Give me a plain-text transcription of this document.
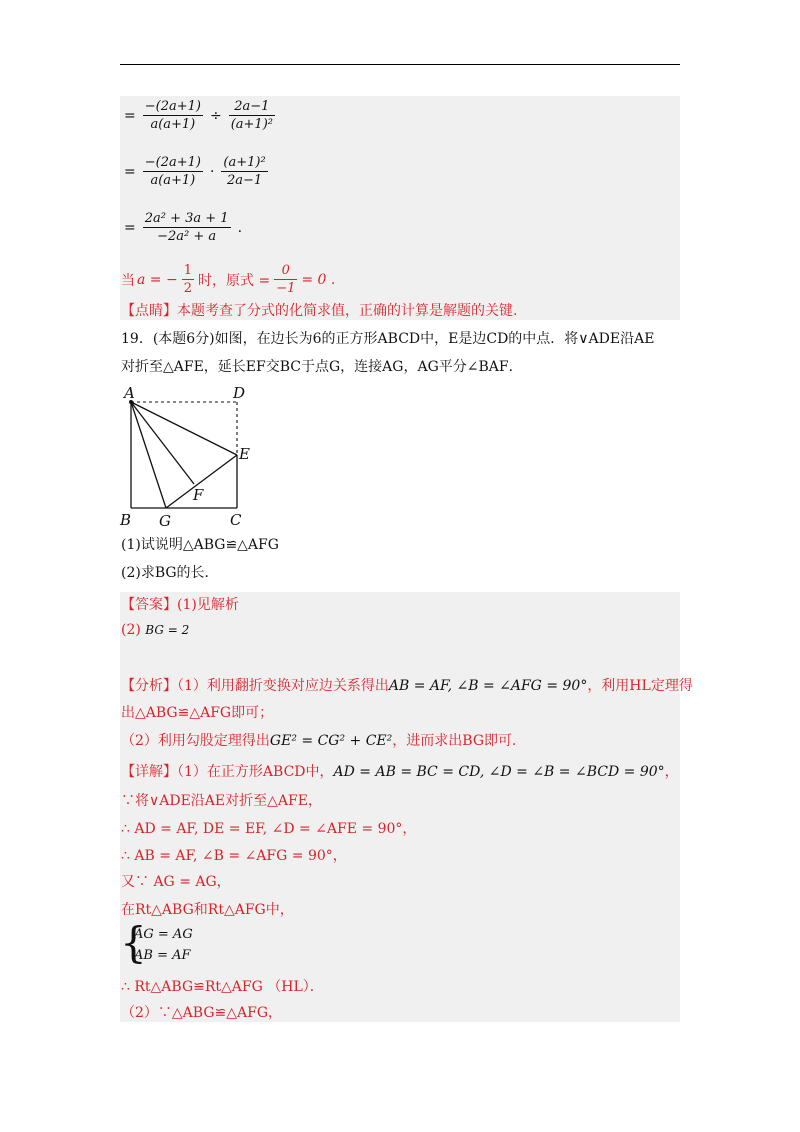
= $\frac{-(2a+1)}{a(a+1)} \div \frac{2a-1}{\text{(a+1)²}}$
= $\frac{-(2a+1)}{a(a+1)} \cdot \frac{\text{(a+1)²}}{2a-1}$
= $\frac{\text{2a² + 3a + 1}}{\text{−2a² + a}}$ .
当 a = − $\frac{1}{2}$ 时，原式 = $\frac{0}{-1} = 0$ .
【点睛】本题考查了分式的化简求值，正确的计算是解题的关键.
19．(本题6分)如图，在边长为6的正方形ABCD中，E是边CD的中点．将∨ADE沿AE
对折至△AFE，延长EF交BC于点G，连接AG，AG平分∠BAF．
A	D
E
F
B G	C
(1)试说明△ABG≌△AFG
(2)求BG的长．
【答案】(1)见解析
(2) BG = 2
【分析】（1）利用翻折变换对应边关系得出AB = AF, ∠B = ∠AFG = 90°，利用HL定理得
出△ABG≌△AFG即可；
（2）利用勾股定理得出GE² = CG² + CE²，进而求出BG即可．
【详解】（1）在正方形ABCD中，AD = AB = BC = CD, ∠D = ∠B = ∠BCD = 90°，
∵将∨ADE沿AE对折至△AFE，
∴ AD = AF, DE = EF, ∠D = ∠AFE = 90°，
∴ AB = AF, ∠B = ∠AFG = 90°，
又∵ AG = AG，
在Rt△ABG和Rt△AFG中，
{
AG = AG
AB = AF
∴ Rt△ABG≌Rt△AFG （HL）．
（2）∵△ABG≌△AFG，
